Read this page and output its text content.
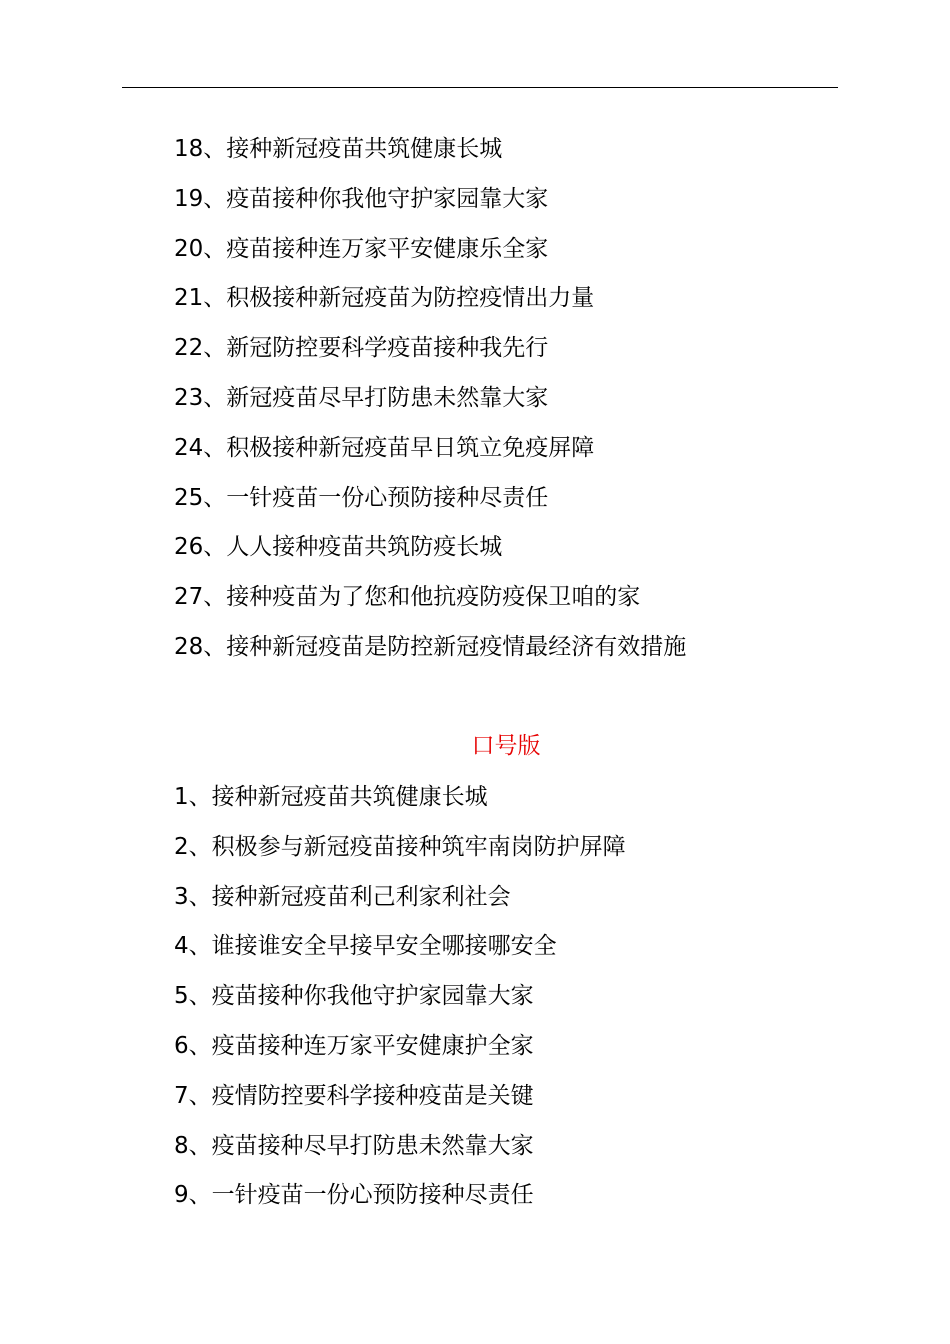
18、接种新冠疫苗共筑健康长城
19、疫苗接种你我他守护家园靠大家
20、疫苗接种连万家平安健康乐全家
21、积极接种新冠疫苗为防控疫情出力量
22、新冠防控要科学疫苗接种我先行
23、新冠疫苗尽早打防患未然靠大家
24、积极接种新冠疫苗早日筑立免疫屏障
25、一针疫苗一份心预防接种尽责任
26、人人接种疫苗共筑防疫长城
27、接种疫苗为了您和他抗疫防疫保卫咱的家
28、接种新冠疫苗是防控新冠疫情最经济有效措施
口号版
1、接种新冠疫苗共筑健康长城
2、积极参与新冠疫苗接种筑牢南岗防护屏障
3、接种新冠疫苗利己利家利社会
4、谁接谁安全早接早安全哪接哪安全
5、疫苗接种你我他守护家园靠大家
6、疫苗接种连万家平安健康护全家
7、疫情防控要科学接种疫苗是关键
8、疫苗接种尽早打防患未然靠大家
9、一针疫苗一份心预防接种尽责任
